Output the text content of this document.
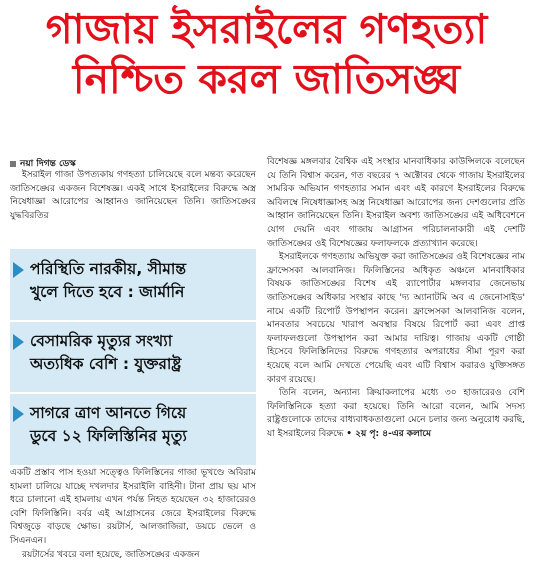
গাজায় ইসরাইলের গণহত্যা
নিশ্চিত করল জাতিসঙ্ঘ
নয়া দিগন্ত ডেস্ক

ইসরাইল গাজা উপত্যকায় গণহত্যা চালিয়েছে বলে মন্তব্য করেছেন জাতিসঙ্ঘের একজন বিশেষজ্ঞ। একই সাথে ইসরাইলের বিরুদ্ধে অস্ত্র নিষেধাজ্ঞা আরোপের আহ্বানও জানিয়েছেন তিনি। জাতিসঙ্ঘের যুদ্ধবিরতির

পরিস্থিতি নারকীয়, সীমান্ত
খুলে দিতে হবে : জার্মানি
বেসামরিক মৃত্যুর সংখ্যা
অত্যধিক বেশি : যুক্তরাষ্ট্র
সাগরে ত্রাণ আনতে গিয়ে
ডুবে ১২ ফিলিস্তিনির মৃত্যু

একটি প্রস্তাব পাস হওয়া সত্ত্বেও ফিলিস্তিনের গাজা ভূখণ্ডে অবিরাম হামলা চালিয়ে যাচ্ছে দখলদার ইসরাইলি বাহিনী। টানা প্রায় ছয় মাস ধরে চালানো এই হামলায় এখন পর্যন্ত নিহত হয়েছেন ৩২ হাজারেরও বেশি ফিলিস্তিনি। বর্বর এই আগ্রাসনের জেরে ইসরাইলের বিরুদ্ধে বিশ্বজুড়ে বাড়ছে ক্ষোভ। রয়টার্স, আলজাজিরা, ডয়চে ভেলে ও সিএনএন।

রয়টার্সের খবরে বলা হয়েছে, জাতিসঙ্ঘের একজন

বিশেষজ্ঞ মঙ্গলবার বৈশ্বিক এই সংস্থার মানবাধিকার কাউন্সিলকে বলেছেন যে তিনি বিশ্বাস করেন, গত বছরের ৭ অক্টোবর থেকে গাজায় ইসরাইলের সামরিক অভিযান গণহত্যার সমান এবং এই কারণে ইসরাইলের বিরুদ্ধে অবিলম্বে নিষেধাজ্ঞাসহ অস্ত্র নিষেধাজ্ঞা আরোপের জন্য দেশগুলোর প্রতি আহ্বান জানিয়েছেন তিনি। ইসরাইল অবশ্য জাতিসঙ্ঘের এই অধিবেশনে যোগ দেয়নি এবং গাজায় আগ্রাসন পরিচালনাকারী এই দেশটি জাতিসঙ্ঘের ওই বিশেষজ্ঞের ফলাফলকে প্রত্যাখ্যান করেছে।

ইসরাইলকে গণহত্যায় অভিযুক্ত করা জাতিসঙ্ঘের ওই বিশেষজ্ঞের নাম ফ্রান্সেসকা আলবানিজ। ফিলিস্তিনের অধিকৃত অঞ্চলে মানবাধিকার বিষয়ক জাতিসঙ্ঘের বিশেষ এই র‍্যাপোর্টার মঙ্গলবার জেনেভায় জাতিসঙ্ঘের অধিকার সংস্থার কাছে 'দ্য অ্যানাটমি অব এ জেনোসাইড' নামে একটি রিপোর্ট উপস্থাপন করেন। ফ্রান্সেসকা আলবানিজ বলেন, মানবতার সবচেয়ে খারাপ অবস্থার বিষয়ে রিপোর্ট করা এবং প্রাপ্ত ফলাফলগুলো উপস্থাপন করা আমার দায়িত্ব। গাজায় একটি গোষ্ঠী হিসেবে ফিলিস্তিনিদের বিরুদ্ধে গণহত্যার অপরাধের সীমা পূরণ করা হয়েছে বলে আমি দেখতে পেয়েছি এবং এটি বিশ্বাস করারও যুক্তিসঙ্গত কারণ রয়েছে।

তিনি বলেন, অন্যান্য ক্রিয়াকলাপের মধ্যে ৩০ হাজারেরও বেশি ফিলিস্তিনিকে হত্যা করা হয়েছে। তিনি আরো বলেন, আমি সদস্য রাষ্ট্রগুলোকে তাদের বাধ্যবাধকতাগুলো মেনে চলার জন্য অনুরোধ করছি, যা ইসরাইলের বিরুদ্ধে • ২য় পৃ: ৪-এর কলামে
